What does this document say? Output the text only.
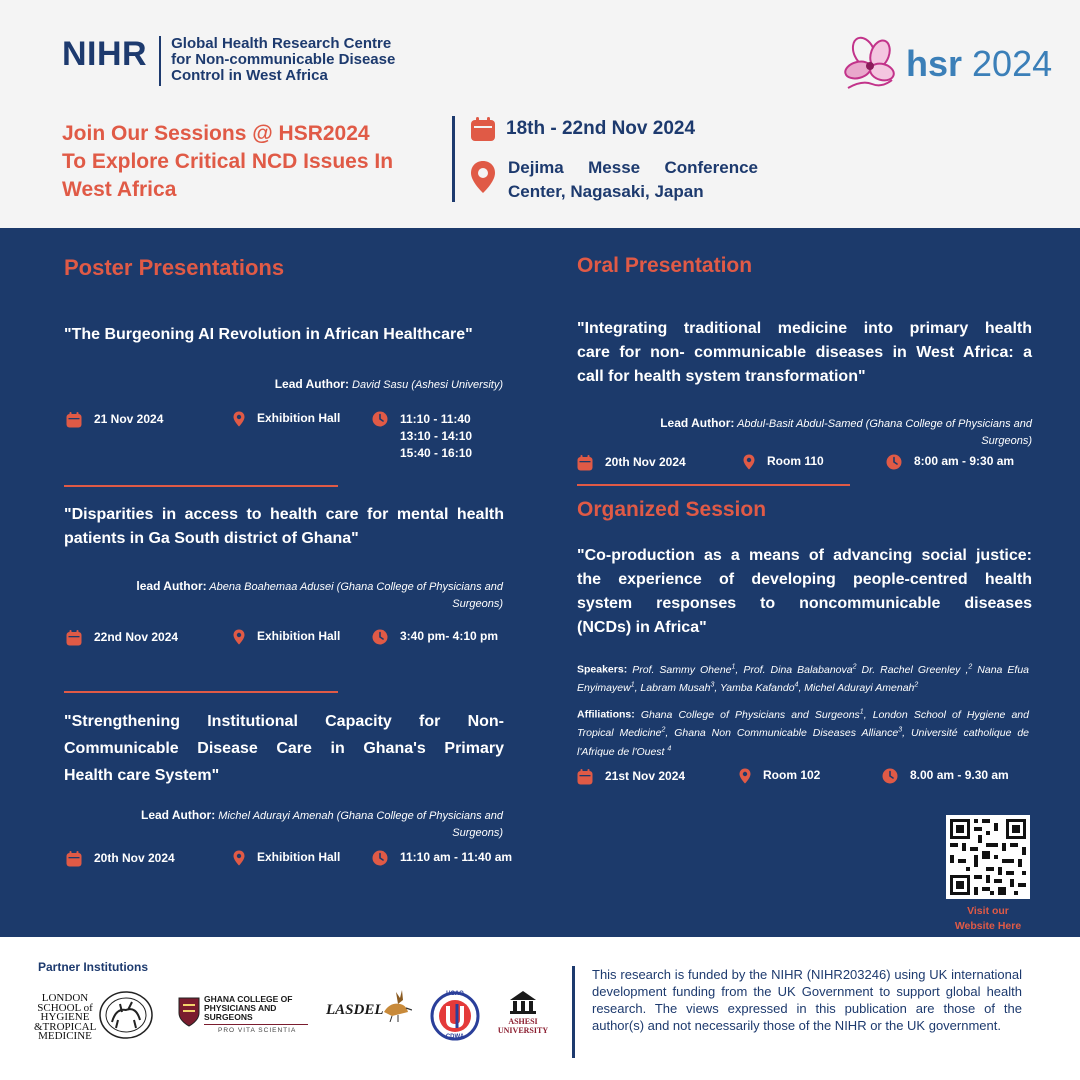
NIHR Global Health Research Centre
for Non-communicable Disease
Control in West Africa	hsr 2024
Join Our Sessions @ HSR2024
To Explore Critical NCD Issues In
West Africa
18th - 22nd Nov 2024
Dejima Messe Conference
Center, Nagasaki, Japan
Poster Presentations
"The Burgeoning AI Revolution in African Healthcare"
Lead Author: David Sasu (Ashesi University)
21 Nov 2024	Exhibition Hall	11:10 - 11:40
13:10 - 14:10
15:40 - 16:10
"Disparities in access to health care for mental health
patients in Ga South district of Ghana"
lead Author: Abena Boahemaa Adusei (Ghana College of Physicians and
Surgeons)
22nd Nov 2024	Exhibition Hall	3:40 pm- 4:10 pm
"Strengthening Institutional Capacity for Non-
Communicable Disease Care in Ghana's Primary
Health care System"
Lead Author: Michel Adurayi Amenah (Ghana College of Physicians and
Surgeons)
20th Nov 2024	Exhibition Hall	11:10 am - 11:40 am
Oral Presentation
"Integrating traditional medicine into primary health
care for non- communicable diseases in West Africa: a
call for health system transformation"
Lead Author: Abdul-Basit Abdul-Samed (Ghana College of Physicians and
Surgeons)
20th Nov 2024	Room 110	8:00 am - 9:30 am
Organized Session
"Co-production as a means of advancing social justice:
the experience of developing people-centred health
system responses to noncommunicable diseases
(NCDs) in Africa"
Speakers: Prof. Sammy Ohene$^1$, Prof. Dina Balabanova$^2$ Dr. Rachel Greenley ,$^2$ Nana Efua Enyimayew$^1$, Labram Musah$^3$, Yamba Kafando$^4$, Michel Adurayi Amenah$^2$
Affiliations: Ghana College of Physicians and Surgeons$^1$, London School of Hygiene and Tropical Medicine$^2$, Ghana Non Communicable Diseases Alliance$^3$, Université catholique de l'Afrique de l'Ouest $^4$
21st Nov 2024	Room 102	8.00 am - 9.30 am
Visit our
Website Here
Partner Institutions
LONDON
SCHOOL of
HYGIENE
&TROPICAL
MEDICINE
GHANA COLLEGE OF
PHYSICIANS AND
SURGEONS
PRO VITA SCIENTIA
LASDEL
UCAO
CDWA
ASHESI
UNIVERSITY
This research is funded by the NIHR (NIHR203246) using UK international development funding from the UK Government to support global health research. The views expressed in this publication are those of the author(s) and not necessarily those of the NIHR or the UK government.
